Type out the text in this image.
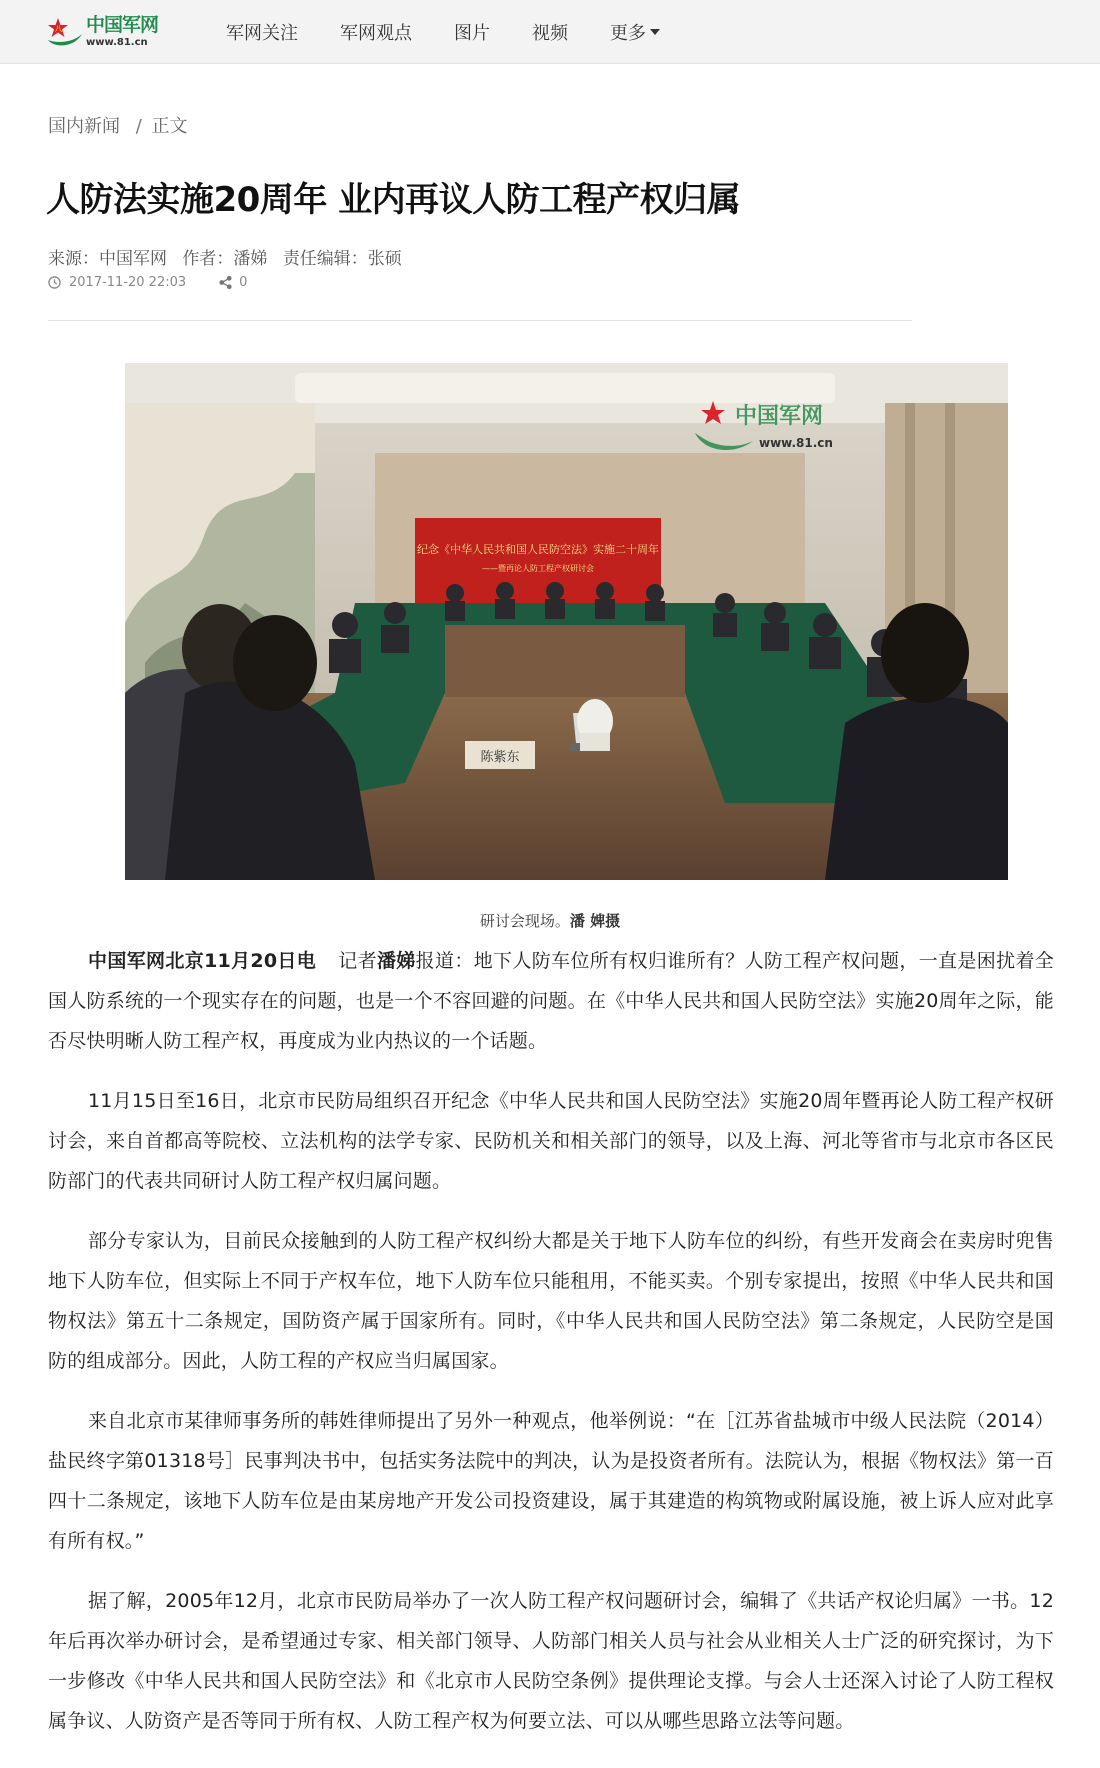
八 中国军网
www.81.cn	军网关注 军网观点 图片 视频 更多
国内新闻 / 正文
人防法实施20周年 业内再议人防工程产权归属
来源：中国军网 作者：潘娣 责任编辑：张硕
2017-11-20 22:03	0
纪念《中华人民共和国人民防空法》实施二十周年
——暨再论人防工程产权研讨会
陈紫东
中国军网
www.81.cn
研讨会现场。潘 婢摄

中国军网北京11月20日电 记者潘娣报道：地下人防车位所有权归谁所有？人防工程产权问题，一直是困扰着全国人防系统的一个现实存在的问题，也是一个不容回避的问题。在《中华人民共和国人民防空法》实施20周年之际，能否尽快明晰人防工程产权，再度成为业内热议的一个话题。

11月15日至16日，北京市民防局组织召开纪念《中华人民共和国人民防空法》实施20周年暨再论人防工程产权研讨会，来自首都高等院校、立法机构的法学专家、民防机关和相关部门的领导，以及上海、河北等省市与北京市各区民防部门的代表共同研讨人防工程产权归属问题。

部分专家认为，目前民众接触到的人防工程产权纠纷大都是关于地下人防车位的纠纷，有些开发商会在卖房时兜售地下人防车位，但实际上不同于产权车位，地下人防车位只能租用，不能买卖。个别专家提出，按照《中华人民共和国物权法》第五十二条规定，国防资产属于国家所有。同时，《中华人民共和国人民防空法》第二条规定，人民防空是国防的组成部分。因此，人防工程的产权应当归属国家。

来自北京市某律师事务所的韩姓律师提出了另外一种观点，他举例说：“在［江苏省盐城市中级人民法院（2014）盐民终字第01318号］民事判决书中，包括实务法院中的判决，认为是投资者所有。法院认为，根据《物权法》第一百四十二条规定，该地下人防车位是由某房地产开发公司投资建设，属于其建造的构筑物或附属设施，被上诉人应对此享有所有权。”

据了解，2005年12月，北京市民防局举办了一次人防工程产权问题研讨会，编辑了《共话产权论归属》一书。12年后再次举办研讨会，是希望通过专家、相关部门领导、人防部门相关人员与社会从业相关人士广泛的研究探讨，为下一步修改《中华人民共和国人民防空法》和《北京市人民防空条例》提供理论支撑。与会人士还深入讨论了人防工程权属争议、人防资产是否等同于所有权、人防工程产权为何要立法、可以从哪些思路立法等问题。
